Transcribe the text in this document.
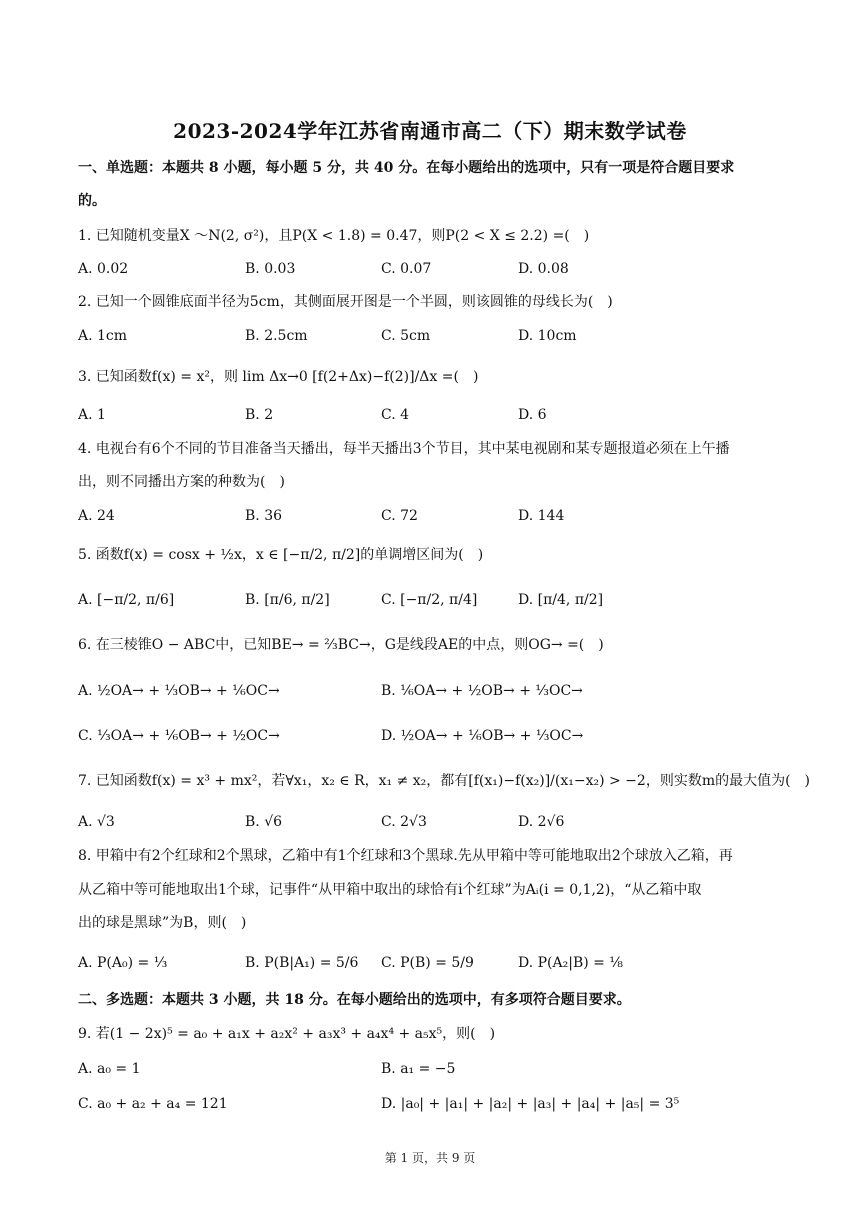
2023-2024学年江苏省南通市高二（下）期末数学试卷
一、单选题：本题共 8 小题，每小题 5 分，共 40 分。在每小题给出的选项中，只有一项是符合题目要求
的。
1. 已知随机变量X ～N(2, σ²)，且P(X < 1.8) = 0.47，则P(2 < X ≤ 2.2) =(　)
A. 0.02	B. 0.03	C. 0.07	D. 0.08
2. 已知一个圆锥底面半径为5cm，其侧面展开图是一个半圆，则该圆锥的母线长为(　)
A. 1cm	B. 2.5cm	C. 5cm	D. 10cm
3. 已知函数f(x) = x²，则 lim Δx→0 [f(2+Δx)−f(2)]/Δx =(　)
A. 1	B. 2	C. 4	D. 6
4. 电视台有6个不同的节目准备当天播出，每半天播出3个节目，其中某电视剧和某专题报道必须在上午播
出，则不同播出方案的种数为(　)
A. 24	B. 36	C. 72	D. 144
5. 函数f(x) = cosx + ½x，x ∈ [−π/2, π/2]的单调增区间为(　)
A. [−π/2, π/6]	B. [π/6, π/2]	C. [−π/2, π/4]	D. [π/4, π/2]
6. 在三棱锥O − ABC中，已知BE→ = ⅔BC→，G是线段AE的中点，则OG→ =(　)
A. ½OA→ + ⅓OB→ + ⅙OC→	B. ⅙OA→ + ½OB→ + ⅓OC→
C. ⅓OA→ + ⅙OB→ + ½OC→	D. ½OA→ + ⅙OB→ + ⅓OC→
7. 已知函数f(x) = x³ + mx²，若∀x₁，x₂ ∈ R，x₁ ≠ x₂，都有[f(x₁)−f(x₂)]/(x₁−x₂) > −2，则实数m的最大值为(　)
A. √3	B. √6	C. 2√3	D. 2√6
8. 甲箱中有2个红球和2个黑球，乙箱中有1个红球和3个黑球.先从甲箱中等可能地取出2个球放入乙箱，再
从乙箱中等可能地取出1个球，记事件“从甲箱中取出的球恰有i个红球”为Aᵢ(i = 0,1,2)，“从乙箱中取
出的球是黑球”为B，则(　)
A. P(A₀) = ⅓	B. P(B|A₁) = 5/6 C. P(B) = 5/9	D. P(A₂|B) = ⅛
二、多选题：本题共 3 小题，共 18 分。在每小题给出的选项中，有多项符合题目要求。
9. 若(1 − 2x)⁵ = a₀ + a₁x + a₂x² + a₃x³ + a₄x⁴ + a₅x⁵，则(　)
A. a₀ = 1	B. a₁ = −5
C. a₀ + a₂ + a₄ = 121	D. |a₀| + |a₁| + |a₂| + |a₃| + |a₄| + |a₅| = 3⁵
第 1 页，共 9 页
